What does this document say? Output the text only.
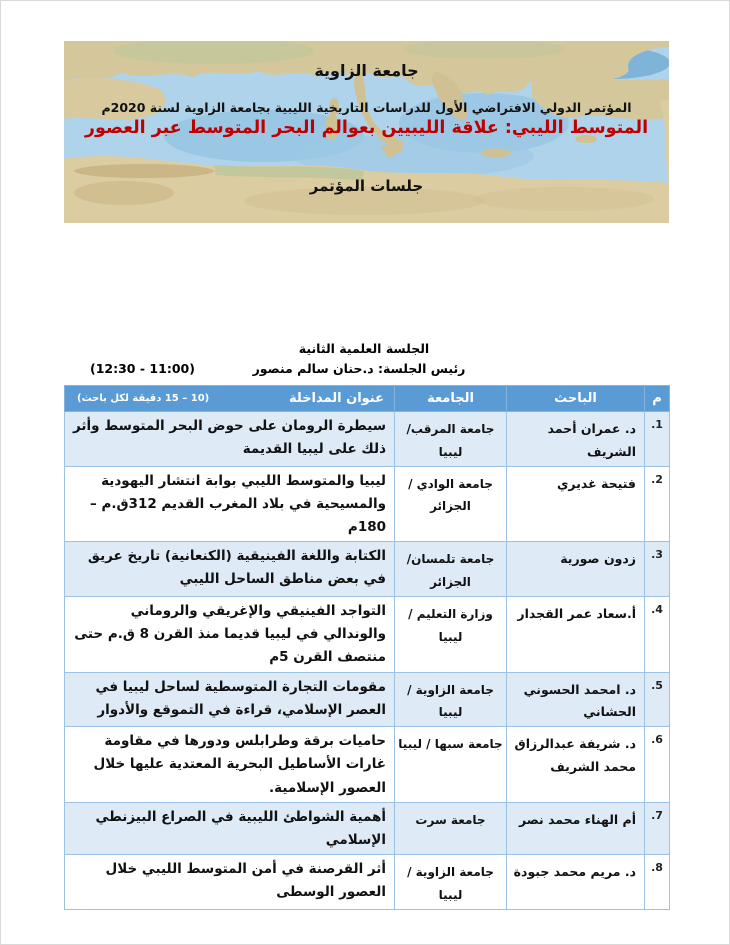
جامعة الزاوية
المؤتمر الدولي الافتراضي الأول للدراسات التاريخية الليبية بجامعة الزاوية لسنة 2020م
المتوسط الليبي: علاقة الليبيين بعوالم البحر المتوسط عبر العصور
جلسات المؤتمر
الجلسة العلمية الثانية
رئيس الجلسة: د.حنان سالم منصور
(11:00 - 12:30)
م	الباحث	الجامعة	عنوان المداخلة
(10 – 15 دقيقة لكل باحث)

1.	د. عمران أحمد الشريف	جامعة المرقب/ ليبيا	سيطرة الرومان على حوض البحر المتوسط وأثر ذلك على ليبيا القديمة
2.	فتيحة غديري	جامعة الوادي /الجزائر	ليبيا والمتوسط الليبي بوابة انتشار اليهودية والمسيحية في بلاد المغرب القديم 312ق.م – 180م
3.	زدون صورية	جامعة تلمسان/ الجزائر	الكتابة واللغة الفينيقية (الكنعانية) تاريخ عريق في بعض مناطق الساحل الليبي
4.	أ.سعاد عمر القجدار	وزارة التعليم / ليبيا	التواجد الفينيقي والإغريقي والروماني والوندالي في ليبيا قديما منذ القرن 8 ق.م حتى منتصف القرن 5م
5.	د. امحمد الحسوني الحشاني	جامعة الزاوية / ليبيا	مقومات التجارة المتوسطية لساحل ليبيا في العصر الإسلامي، قراءة في التموقع والأدوار
6.	د. شريفة عبدالرزاق محمد الشريف	جامعة سبها / ليبيا	حاميات برقة وطرابلس ودورها في مقاومة غارات الأساطيل البحرية المعتدية عليها خلال العصور الإسلامية.
7.	أم الهناء محمد نصر	جامعة سرت	أهمية الشواطئ الليبية في الصراع البيزنطي الإسلامي
8.	د. مريم محمد جبودة	جامعة الزاوية / ليبيا	أثر القرصنة في أمن المتوسط الليبي خلال العصور الوسطى
